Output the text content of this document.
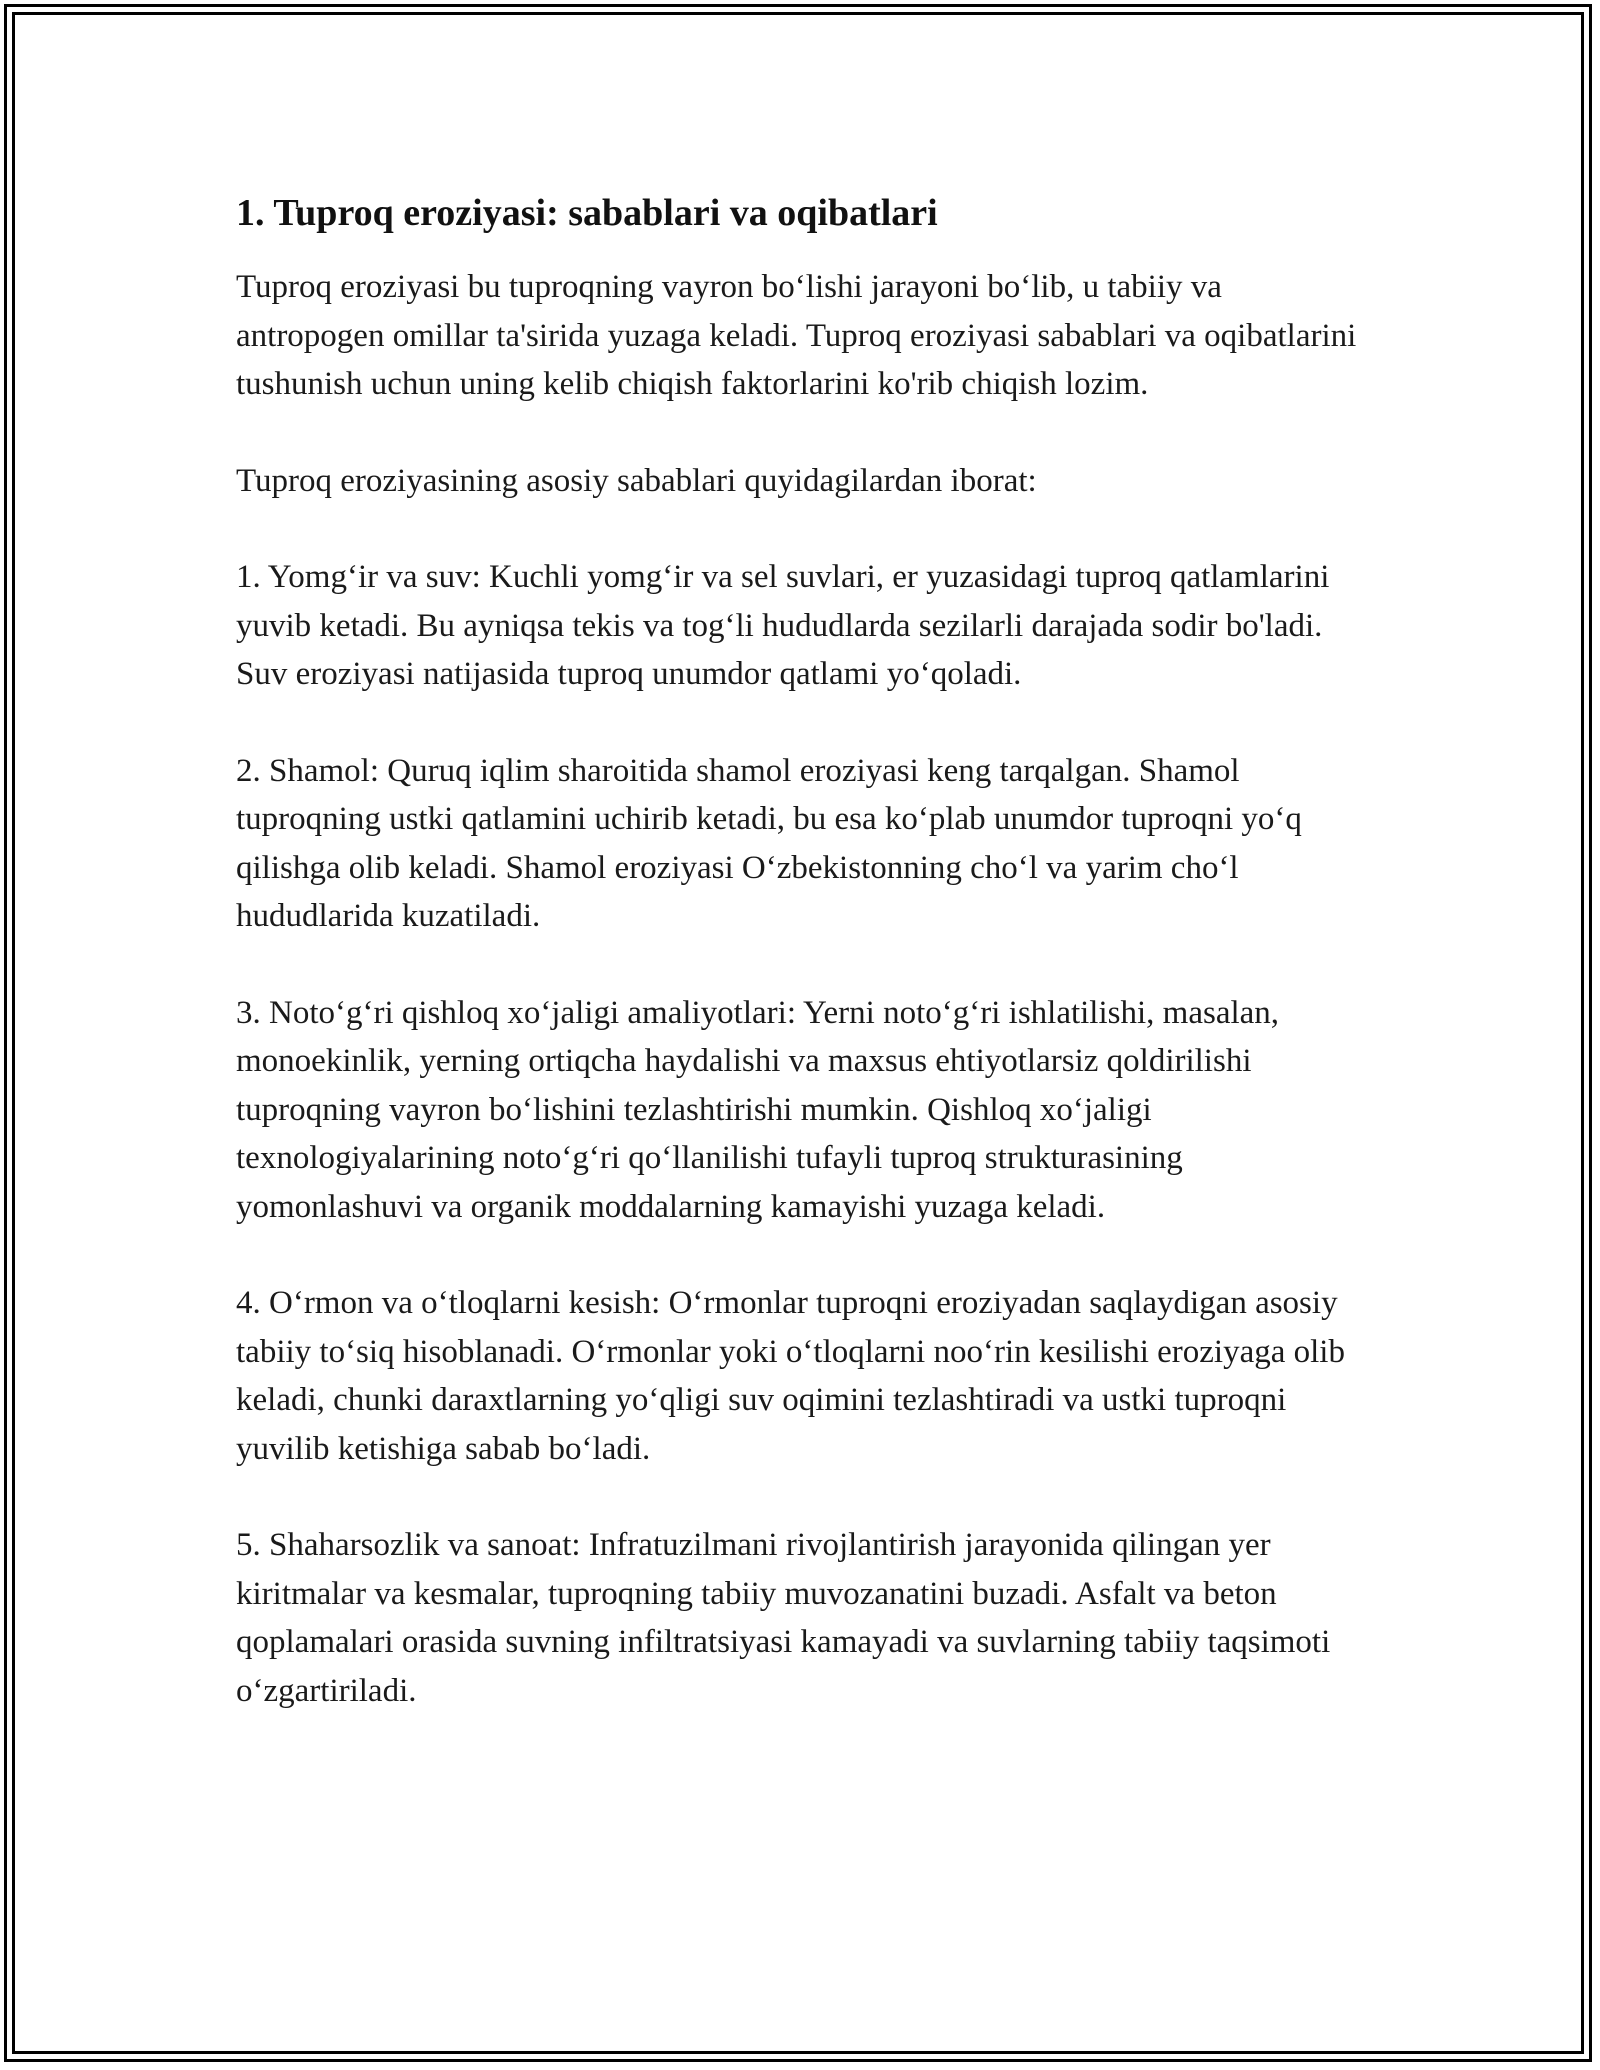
1. Tuproq eroziyasi: sabablari va oqibatlari

Tuproq eroziyasi bu tuproqning vayron boʻlishi jarayoni boʻlib, u tabiiy va antropogen omillar ta'sirida yuzaga keladi. Tuproq eroziyasi sabablari va oqibatlarini tushunish uchun uning kelib chiqish faktorlarini ko'rib chiqish lozim.

Tuproq eroziyasining asosiy sabablari quyidagilardan iborat:

1. Yomgʻir va suv: Kuchli yomgʻir va sel suvlari, er yuzasidagi tuproq qatlamlarini yuvib ketadi. Bu ayniqsa tekis va togʻli hududlarda sezilarli darajada sodir bo'ladi. Suv eroziyasi natijasida tuproq unumdor qatlami yoʻqoladi.

2. Shamol: Quruq iqlim sharoitida shamol eroziyasi keng tarqalgan. Shamol tuproqning ustki qatlamini uchirib ketadi, bu esa koʻplab unumdor tuproqni yoʻq qilishga olib keladi. Shamol eroziyasi Oʻzbekistonning choʻl va yarim choʻl hududlarida kuzatiladi.

3. Notoʻgʻri qishloq xoʻjaligi amaliyotlari: Yerni notoʻgʻri ishlatilishi, masalan, monoekinlik, yerning ortiqcha haydalishi va maxsus ehtiyotlarsiz qoldirilishi tuproqning vayron boʻlishini tezlashtirishi mumkin. Qishloq xoʻjaligi texnologiyalarining notoʻgʻri qoʻllanilishi tufayli tuproq strukturasining yomonlashuvi va organik moddalarning kamayishi yuzaga keladi.

4. Oʻrmon va oʻtloqlarni kesish: Oʻrmonlar tuproqni eroziyadan saqlaydigan asosiy tabiiy toʻsiq hisoblanadi. Oʻrmonlar yoki oʻtloqlarni nooʻrin kesilishi eroziyaga olib keladi, chunki daraxtlarning yoʻqligi suv oqimini tezlashtiradi va ustki tuproqni yuvilib ketishiga sabab boʻladi.

5. Shaharsozlik va sanoat: Infratuzilmani rivojlantirish jarayonida qilingan yer kiritmalar va kesmalar, tuproqning tabiiy muvozanatini buzadi. Asfalt va beton qoplamalari orasida suvning infiltratsiyasi kamayadi va suvlarning tabiiy taqsimoti oʻzgartiriladi.
